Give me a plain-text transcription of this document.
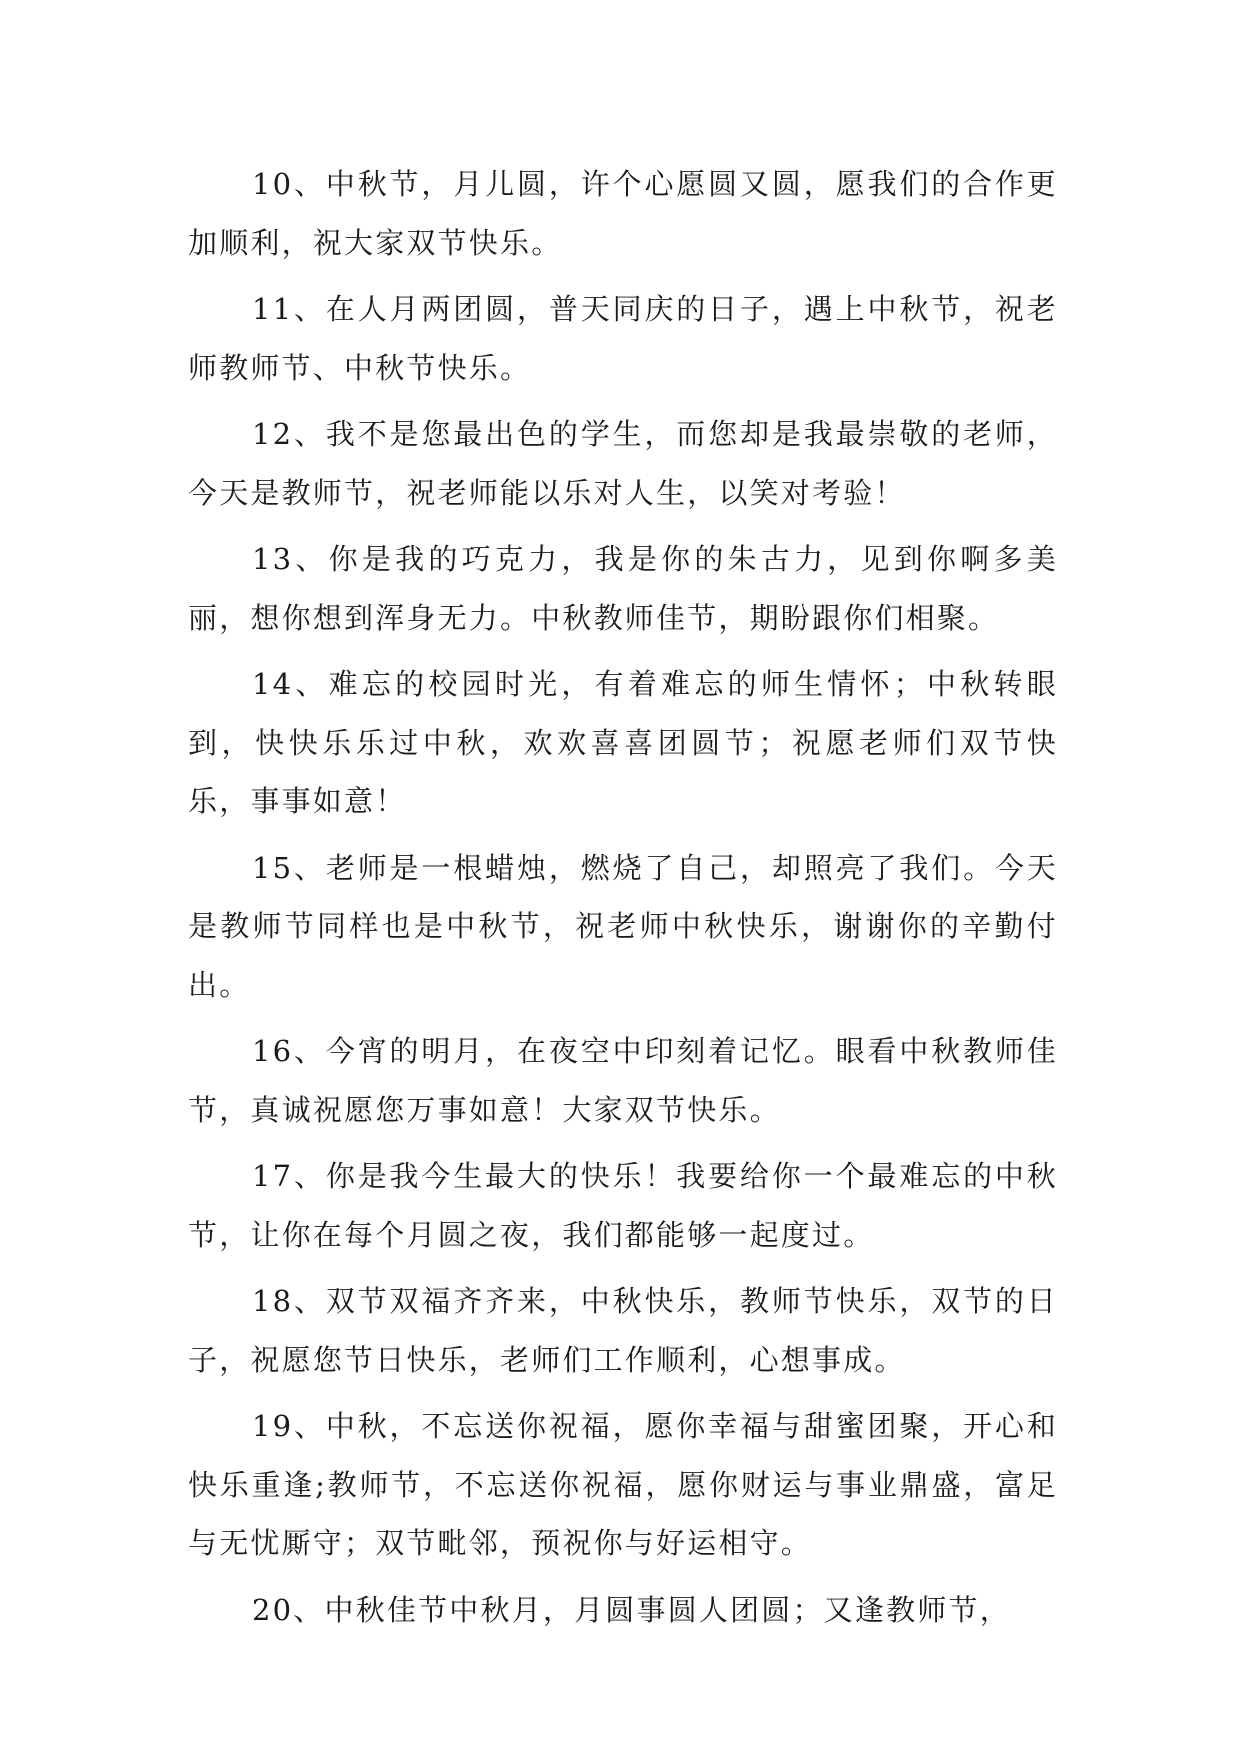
10、中秋节，月儿圆，许个心愿圆又圆，愿我们的合作更加顺利，祝大家双节快乐。

11、在人月两团圆，普天同庆的日子，遇上中秋节，祝老师教师节、中秋节快乐。

12、我不是您最出色的学生，而您却是我最崇敬的老师，今天是教师节，祝老师能以乐对人生，以笑对考验！

13、你是我的巧克力，我是你的朱古力，见到你啊多美丽，想你想到浑身无力。中秋教师佳节，期盼跟你们相聚。

14、难忘的校园时光，有着难忘的师生情怀；中秋转眼到，快快乐乐过中秋，欢欢喜喜团圆节；祝愿老师们双节快乐，事事如意！

15、老师是一根蜡烛，燃烧了自己，却照亮了我们。今天是教师节同样也是中秋节，祝老师中秋快乐，谢谢你的辛勤付出。

16、今宵的明月，在夜空中印刻着记忆。眼看中秋教师佳节，真诚祝愿您万事如意！大家双节快乐。

17、你是我今生最大的快乐！我要给你一个最难忘的中秋节，让你在每个月圆之夜，我们都能够一起度过。

18、双节双福齐齐来，中秋快乐，教师节快乐，双节的日子，祝愿您节日快乐，老师们工作顺利，心想事成。

19、中秋，不忘送你祝福，愿你幸福与甜蜜团聚，开心和快乐重逢;教师节，不忘送你祝福，愿你财运与事业鼎盛，富足与无忧厮守；双节毗邻，预祝你与好运相守。

20、中秋佳节中秋月，月圆事圆人团圆；又逢教师节，
